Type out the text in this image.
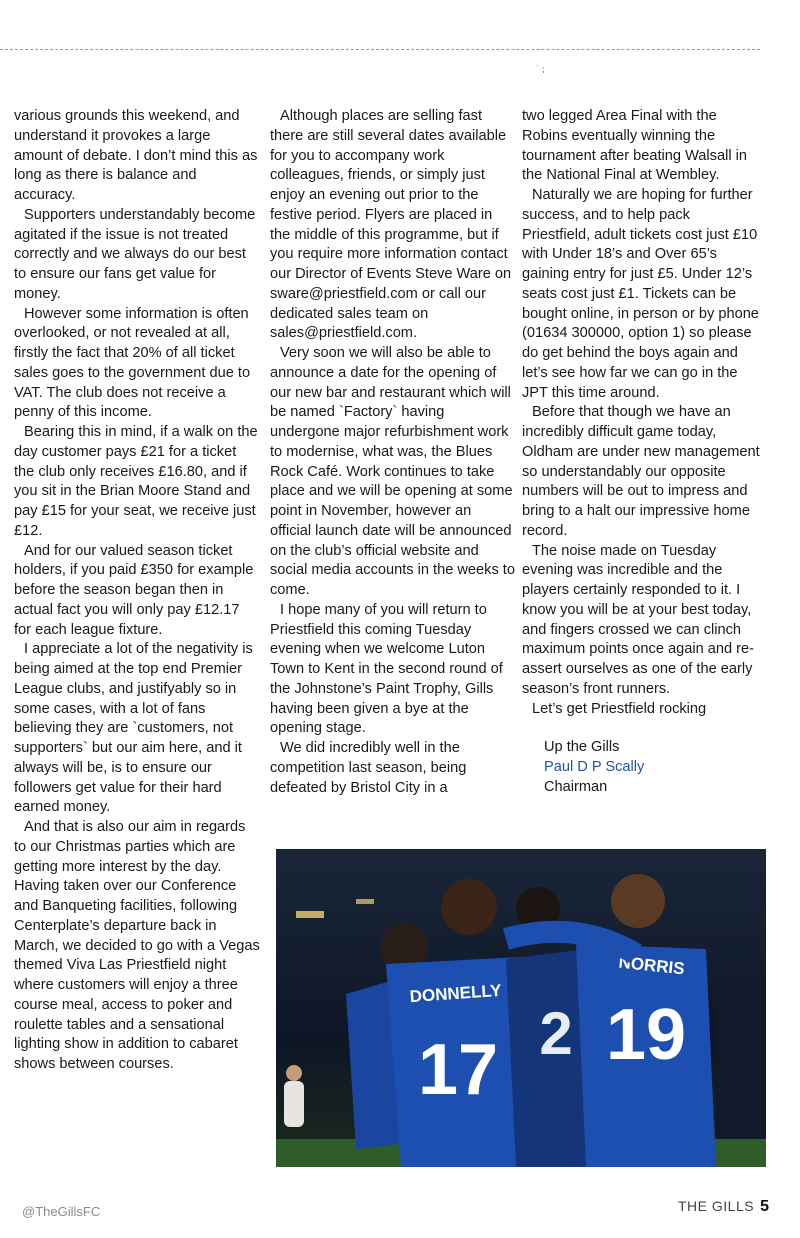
˙ ⁏

various grounds this weekend, and understand it provokes a large amount of debate. I don’t mind this as long as there is balance and accuracy.

Supporters understandably become agitated if the issue is not treated correctly and we always do our best to ensure our fans get value for money.

However some information is often overlooked, or not revealed at all, firstly the fact that 20% of all ticket sales goes to the government due to VAT. The club does not receive a penny of this income.

Bearing this in mind, if a walk on the day customer pays £21 for a ticket the club only receives £16.80, and if you sit in the Brian Moore Stand and pay £15 for your seat, we receive just £12.

And for our valued season ticket holders, if you paid £350 for example before the season began then in actual fact you will only pay £12.17 for each league fixture.

I appreciate a lot of the negativity is being aimed at the top end Premier League clubs, and justifyably so in some cases, with a lot of fans believing they are `customers, not supporters` but our aim here, and it always will be, is to ensure our followers get value for their hard earned money.

And that is also our aim in regards to our Christmas parties which are getting more interest by the day. Having taken over our Conference and Banqueting facilities, following Centerplate’s departure back in March, we decided to go with a Vegas themed Viva Las Priestfield night where customers will enjoy a three course meal, access to poker and roulette tables and a sensational lighting show in addition to cabaret shows between courses.

Although places are selling fast there are still several dates available for you to accompany work colleagues, friends, or simply just enjoy an evening out prior to the festive period. Flyers are placed in the middle of this programme, but if you require more information contact our Director of Events Steve Ware on sware@priestfield.com or call our dedicated sales team on sales@priestfield.com.

Very soon we will also be able to announce a date for the opening of our new bar and restaurant which will be named `Factory` having undergone major refurbishment work to modernise, what was, the Blues Rock Café. Work continues to take place and we will be opening at some point in November, however an official launch date will be announced on the club’s official website and social media accounts in the weeks to come.

I hope many of you will return to Priestfield this coming Tuesday evening when we welcome Luton Town to Kent in the second round of the Johnstone’s Paint Trophy, Gills having been given a bye at the opening stage.

We did incredibly well in the competition last season, being defeated by Bristol City in a

two legged Area Final with the Robins eventually winning the tournament after beating Walsall in the National Final at Wembley.

Naturally we are hoping for further success, and to help pack Priestfield, adult tickets cost just £10 with Under 18’s and Over 65’s gaining entry for just £5. Under 12’s seats cost just £1. Tickets can be bought online, in person or by phone (01634 300000, option 1) so please do get behind the boys again and let’s see how far we can go in the JPT this time around.

Before that though we have an incredibly difficult game today, Oldham are under new management so understandably our opposite numbers will be out to impress and bring to a halt our impressive home record.

The noise made on Tuesday evening was incredible and the players certainly responded to it. I know you will be at your best today, and fingers crossed we can clinch maximum points once again and re-assert ourselves as one of the early season’s front runners.

Let’s get Priestfield rocking

Up the Gills

Paul D P Scally

Chairman

DONNELLY
17 2
NORRIS
19
@TheGillsFC	THE GILLS 5
